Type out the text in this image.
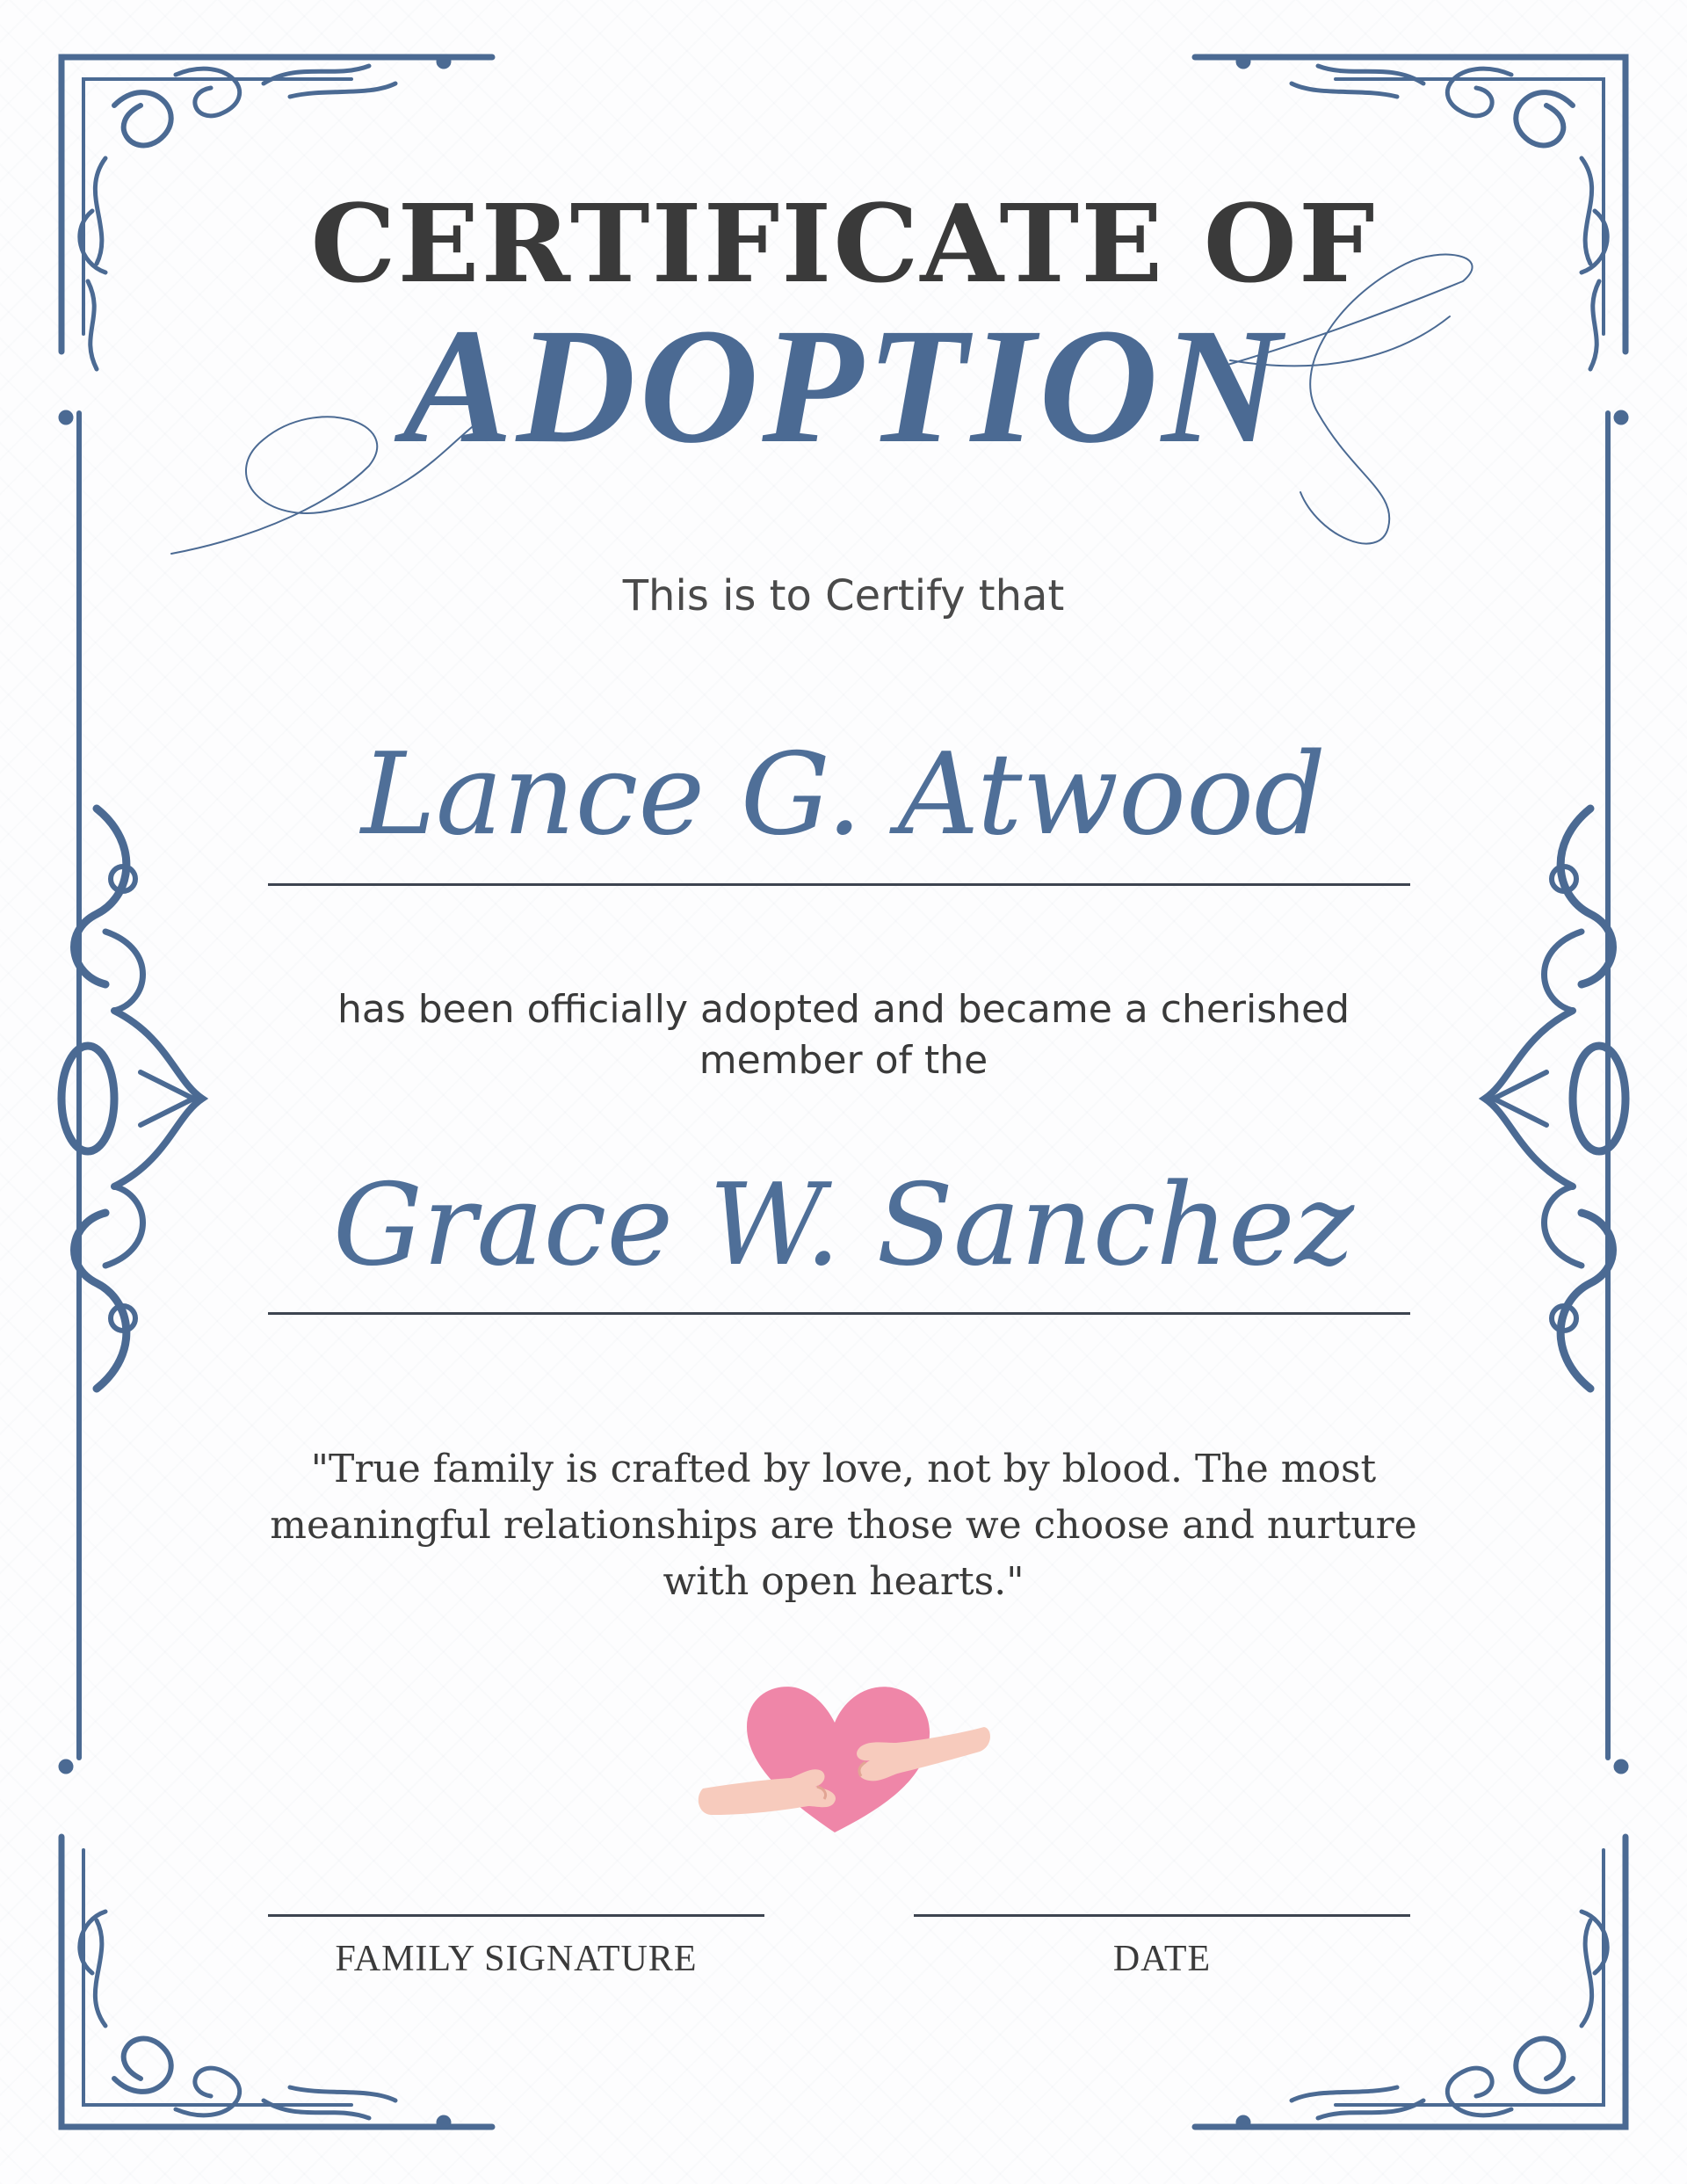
CERTIFICATE OF
ADOPTION
This is to Certify that
Lance G. Atwood
has been officially adopted and became a cherished member of the
Grace W. Sanchez
"True family is crafted by love, not by blood. The most meaningful relationships are those we choose and nurture with open hearts."
FAMILY SIGNATURE	DATE
